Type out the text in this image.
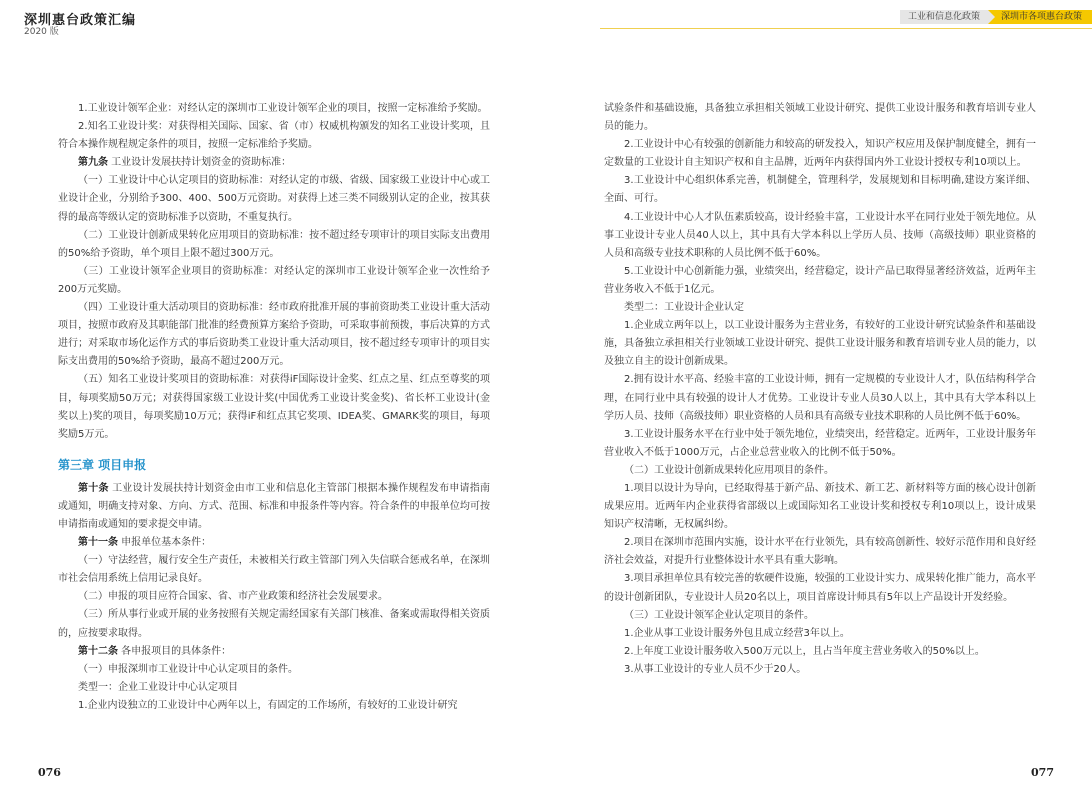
深圳惠台政策汇编
2020 版
工业和信息化政策	深圳市各项惠台政策

1.工业设计领军企业：对经认定的深圳市工业设计领军企业的项目，按照一定标准给予奖励。

2.知名工业设计奖：对获得相关国际、国家、省（市）权威机构颁发的知名工业设计奖项，且符合本操作规程规定条件的项目，按照一定标准给予奖励。

第九条 工业设计发展扶持计划资金的资助标准：

（一）工业设计中心认定项目的资助标准：对经认定的市级、省级、国家级工业设计中心或工业设计企业，分别给予300、400、500万元资助。对获得上述三类不同级别认定的企业，按其获得的最高等级认定的资助标准予以资助，不重复执行。

（二）工业设计创新成果转化应用项目的资助标准：按不超过经专项审计的项目实际支出费用的50%给予资助，单个项目上限不超过300万元。

（三）工业设计领军企业项目的资助标准：对经认定的深圳市工业设计领军企业一次性给予200万元奖励。

（四）工业设计重大活动项目的资助标准：经市政府批准开展的事前资助类工业设计重大活动项目，按照市政府及其职能部门批准的经费预算方案给予资助，可采取事前预拨，事后决算的方式进行；对采取市场化运作方式的事后资助类工业设计重大活动项目，按不超过经专项审计的项目实际支出费用的50%给予资助，最高不超过200万元。

（五）知名工业设计奖项目的资助标准：对获得iF国际设计金奖、红点之星、红点至尊奖的项目，每项奖励50万元；对获得国家级工业设计奖(中国优秀工业设计奖金奖)、省长杯工业设计(金奖以上)奖的项目，每项奖励10万元；获得iF和红点其它奖项、IDEA奖、GMARK奖的项目，每项奖励5万元。

第三章 项目申报

第十条 工业设计发展扶持计划资金由市工业和信息化主管部门根据本操作规程发布申请指南或通知，明确支持对象、方向、方式、范围、标准和申报条件等内容。符合条件的申报单位均可按申请指南或通知的要求提交申请。

第十一条 申报单位基本条件：

（一）守法经营，履行安全生产责任，未被相关行政主管部门列入失信联合惩戒名单，在深圳市社会信用系统上信用记录良好。

（二）申报的项目应符合国家、省、市产业政策和经济社会发展要求。

（三）所从事行业或开展的业务按照有关规定需经国家有关部门核准、备案或需取得相关资质的，应按要求取得。

第十二条 各申报项目的具体条件：

（一）申报深圳市工业设计中心认定项目的条件。

类型一：企业工业设计中心认定项目

1.企业内设独立的工业设计中心两年以上，有固定的工作场所，有较好的工业设计研究

试验条件和基础设施，具备独立承担相关领域工业设计研究、提供工业设计服务和教育培训专业人员的能力。

2.工业设计中心有较强的创新能力和较高的研发投入，知识产权应用及保护制度健全，拥有一定数量的工业设计自主知识产权和自主品牌，近两年内获得国内外工业设计授权专利10项以上。

3.工业设计中心组织体系完善，机制健全，管理科学，发展规划和目标明确,建设方案详细、全面、可行。

4.工业设计中心人才队伍素质较高，设计经验丰富，工业设计水平在同行业处于领先地位。从事工业设计专业人员40人以上，其中具有大学本科以上学历人员、技师（高级技师）职业资格的人员和高级专业技术职称的人员比例不低于60%。

5.工业设计中心创新能力强，业绩突出，经营稳定，设计产品已取得显著经济效益，近两年主营业务收入不低于1亿元。

类型二：工业设计企业认定

1.企业成立两年以上，以工业设计服务为主营业务，有较好的工业设计研究试验条件和基础设施，具备独立承担相关行业领域工业设计研究、提供工业设计服务和教育培训专业人员的能力，以及独立自主的设计创新成果。

2.拥有设计水平高、经验丰富的工业设计师，拥有一定规模的专业设计人才，队伍结构科学合理，在同行业中具有较强的设计人才优势。工业设计专业人员30人以上，其中具有大学本科以上学历人员、技师（高级技师）职业资格的人员和具有高级专业技术职称的人员比例不低于60%。

3.工业设计服务水平在行业中处于领先地位，业绩突出，经营稳定。近两年，工业设计服务年营业收入不低于1000万元，占企业总营业收入的比例不低于50%。

（二）工业设计创新成果转化应用项目的条件。

1.项目以设计为导向，已经取得基于新产品、新技术、新工艺、新材料等方面的核心设计创新成果应用。近两年内企业获得省部级以上或国际知名工业设计奖和授权专利10项以上，设计成果知识产权清晰，无权属纠纷。

2.项目在深圳市范围内实施，设计水平在行业领先，具有较高创新性、较好示范作用和良好经济社会效益，对提升行业整体设计水平具有重大影响。

3.项目承担单位具有较完善的软硬件设施，较强的工业设计实力、成果转化推广能力，高水平的设计创新团队，专业设计人员20名以上，项目首席设计师具有5年以上产品设计开发经验。

（三）工业设计领军企业认定项目的条件。

1.企业从事工业设计服务外包且成立经营3年以上。

2.上年度工业设计服务收入500万元以上，且占当年度主营业务收入的50%以上。

3.从事工业设计的专业人员不少于20人。

076	077
